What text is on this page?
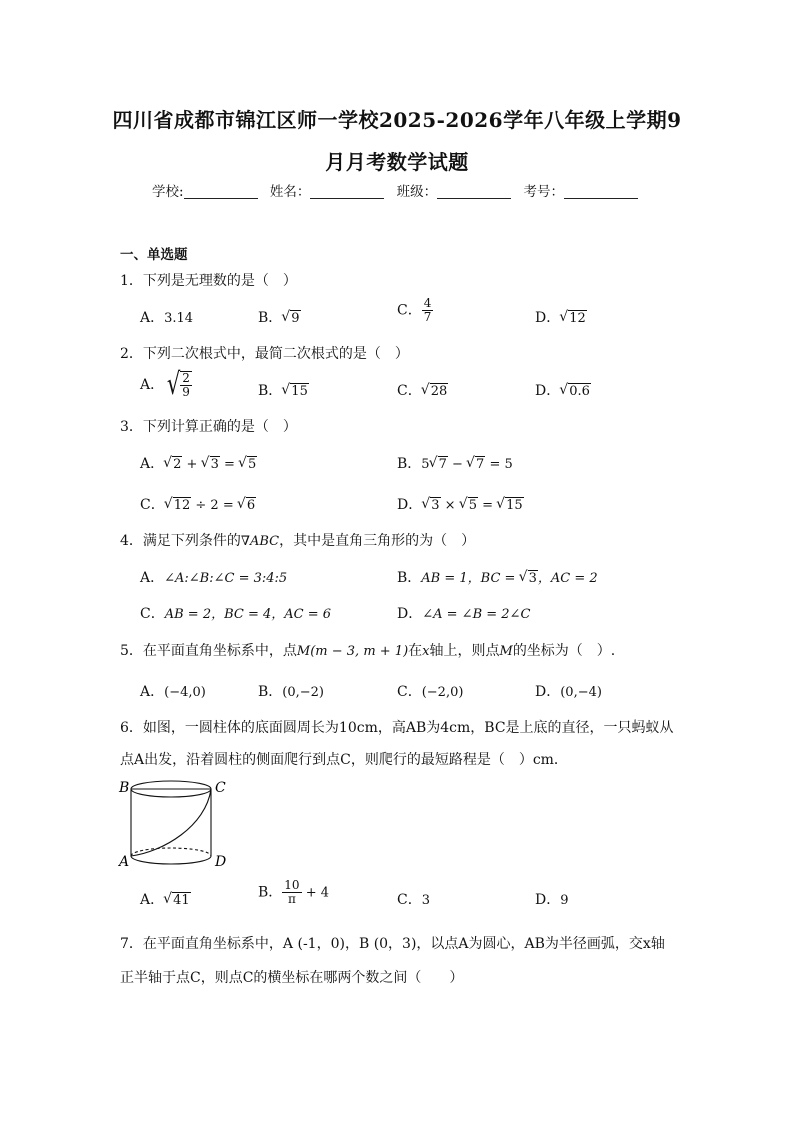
四川省成都市锦江区师一学校2025-2026学年八年级上学期9
月月考数学试题
学校:	姓名：	班级：	考号：
一、单选题
1．下列是无理数的是（　）
A．3.14	B． √ 9	C． $\frac{4}{7}$	D． √ 12
2．下列二次根式中，最简二次根式的是（　）
A． √ 2
9	B． √ 15	C． √ 28	D． √ 0.6
3．下列计算正确的是（　）
A． √ 2 + √ 3 = √ 5	B．5 √ 7 − √ 7 = 5
C． √ 12 ÷ 2 = √ 6	D． √ 3 × √ 5 = √ 15
4．满足下列条件的∇ABC，其中是直角三角形的为（　）
A．∠A:∠B:∠C = 3:4:5	B．AB = 1，BC = √ 3，AC = 2
C．AB = 2，BC = 4，AC = 6	D．∠A = ∠B = 2∠C
5．在平面直角坐标系中，点M(m − 3, m + 1)在x轴上，则点M的坐标为（　）.
A．(−4,0)	B．(0,−2)	C．(−2,0)	D．(0,−4)
6．如图，一圆柱体的底面圆周长为10cm，高AB为4cm，BC是上底的直径，一只蚂蚁从
点A出发，沿着圆柱的侧面爬行到点C，则爬行的最短路程是（　）cm．
B	C
A	D
A． √ 41	B． $\frac{10}{\pi} + 4$	C．3	D．9
7．在平面直角坐标系中，A (-1，0)，B (0，3)，以点A为圆心，AB为半径画弧，交x轴
正半轴于点C，则点C的横坐标在哪两个数之间（　　）
